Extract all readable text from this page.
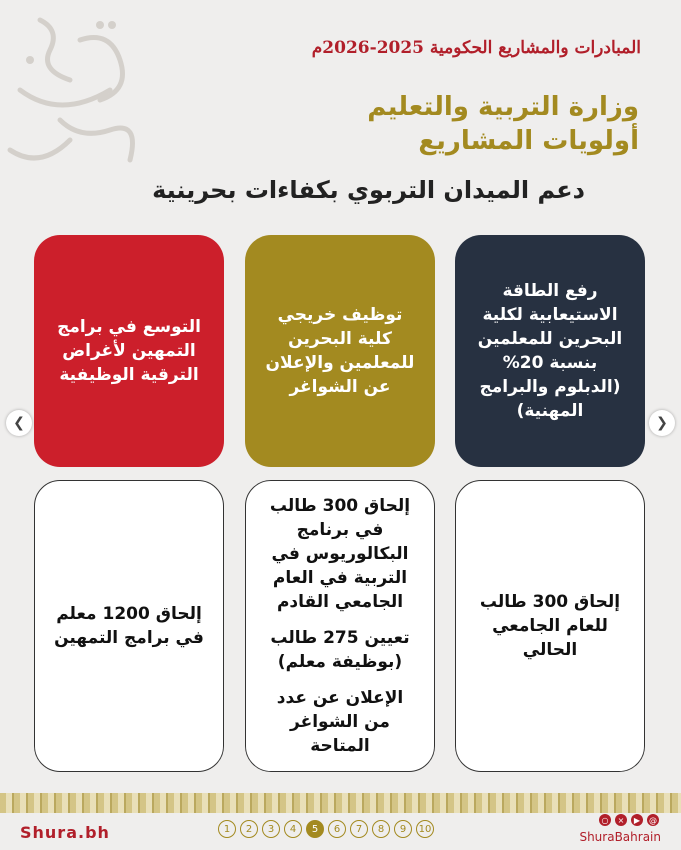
المبادرات والمشاريع الحكومية 2025-2026م
وزارة التربية والتعليم
أولويات المشاريع
دعم الميدان التربوي بكفاءات بحرينية
التوسع في برامج التمهين لأغراض الترقية الوظيفية
توظيف خريجي كلية البحرين للمعلمين والإعلان عن الشواغر
رفع الطاقة الاستيعابية لكلية البحرين للمعلمين بنسبة 20% (الدبلوم والبرامج المهنية)
❮	❯
إلحاق 1200 معلم في برامج التمهين
إلحاق 300 طالب في برنامج البكالوريوس في التربية في العام الجامعي القادم
تعيين 275 طالب (بوظيفة معلم)
الإعلان عن عدد من الشواغر المتاحة
إلحاق 300 طالب للعام الجامعي الحالي
Shura.bh	1	2	3	4	5	6	7	8	9	10
○	×	▶	@
ShuraBahrain
